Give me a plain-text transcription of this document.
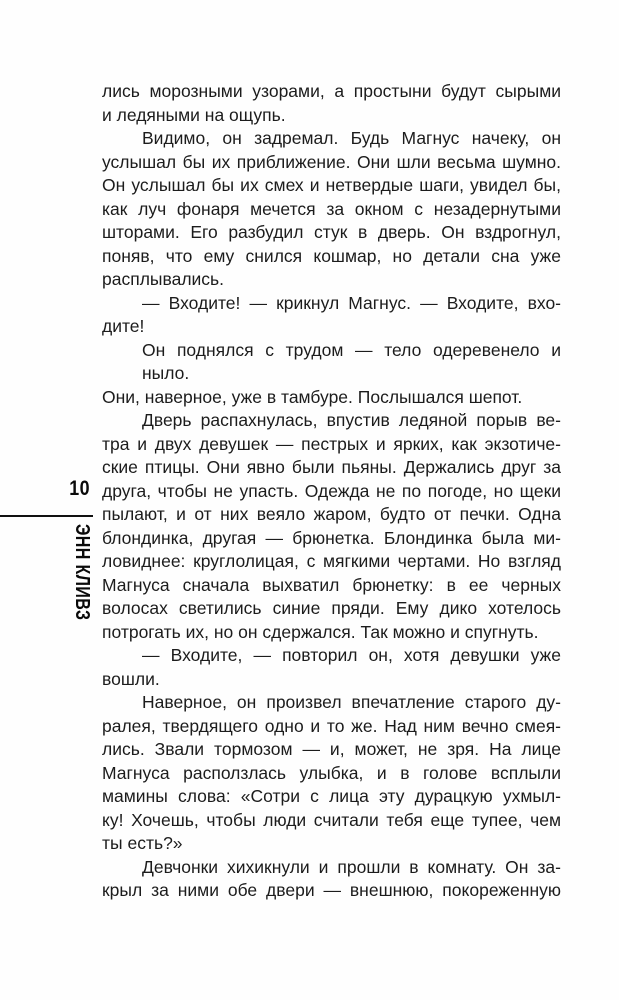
10
ЭНН КЛИВЗ
лись морозными узорами, а простыни будут сырыми
и ледяными на ощупь.
Видимо, он задремал. Будь Магнус начеку, он
услышал бы их приближение. Они шли весьма шумно.
Он услышал бы их смех и нетвердые шаги, увидел бы,
как луч фонаря мечется за окном с незадернутыми
шторами. Его разбудил стук в дверь. Он вздрогнул,
поняв, что ему снился кошмар, но детали сна уже
расплывались.
— Входите! — крикнул Магнус. — Входите, вхо-
дите!
Он поднялся с трудом — тело одеревенело и ныло.
Они, наверное, уже в тамбуре. Послышался шепот.
Дверь распахнулась, впустив ледяной порыв ве-
тра и двух девушек — пестрых и ярких, как экзотиче-
ские птицы. Они явно были пьяны. Держались друг за
друга, чтобы не упасть. Одежда не по погоде, но щеки
пылают, и от них веяло жаром, будто от печки. Одна
блондинка, другая — брюнетка. Блондинка была ми-
ловиднее: круглолицая, с мягкими чертами. Но взгляд
Магнуса сначала выхватил брюнетку: в ее черных
волосах светились синие пряди. Ему дико хотелось
потрогать их, но он сдержался. Так можно и спугнуть.
— Входите, — повторил он, хотя девушки уже
вошли.
Наверное, он произвел впечатление старого ду-
ралея, твердящего одно и то же. Над ним вечно смея-
лись. Звали тормозом — и, может, не зря. На лице
Магнуса расползлась улыбка, и в голове всплыли
мамины слова: «Сотри с лица эту дурацкую ухмыл-
ку! Хочешь, чтобы люди считали тебя еще тупее, чем
ты есть?»
Девчонки хихикнули и прошли в комнату. Он за-
крыл за ними обе двери — внешнюю, покореженную
